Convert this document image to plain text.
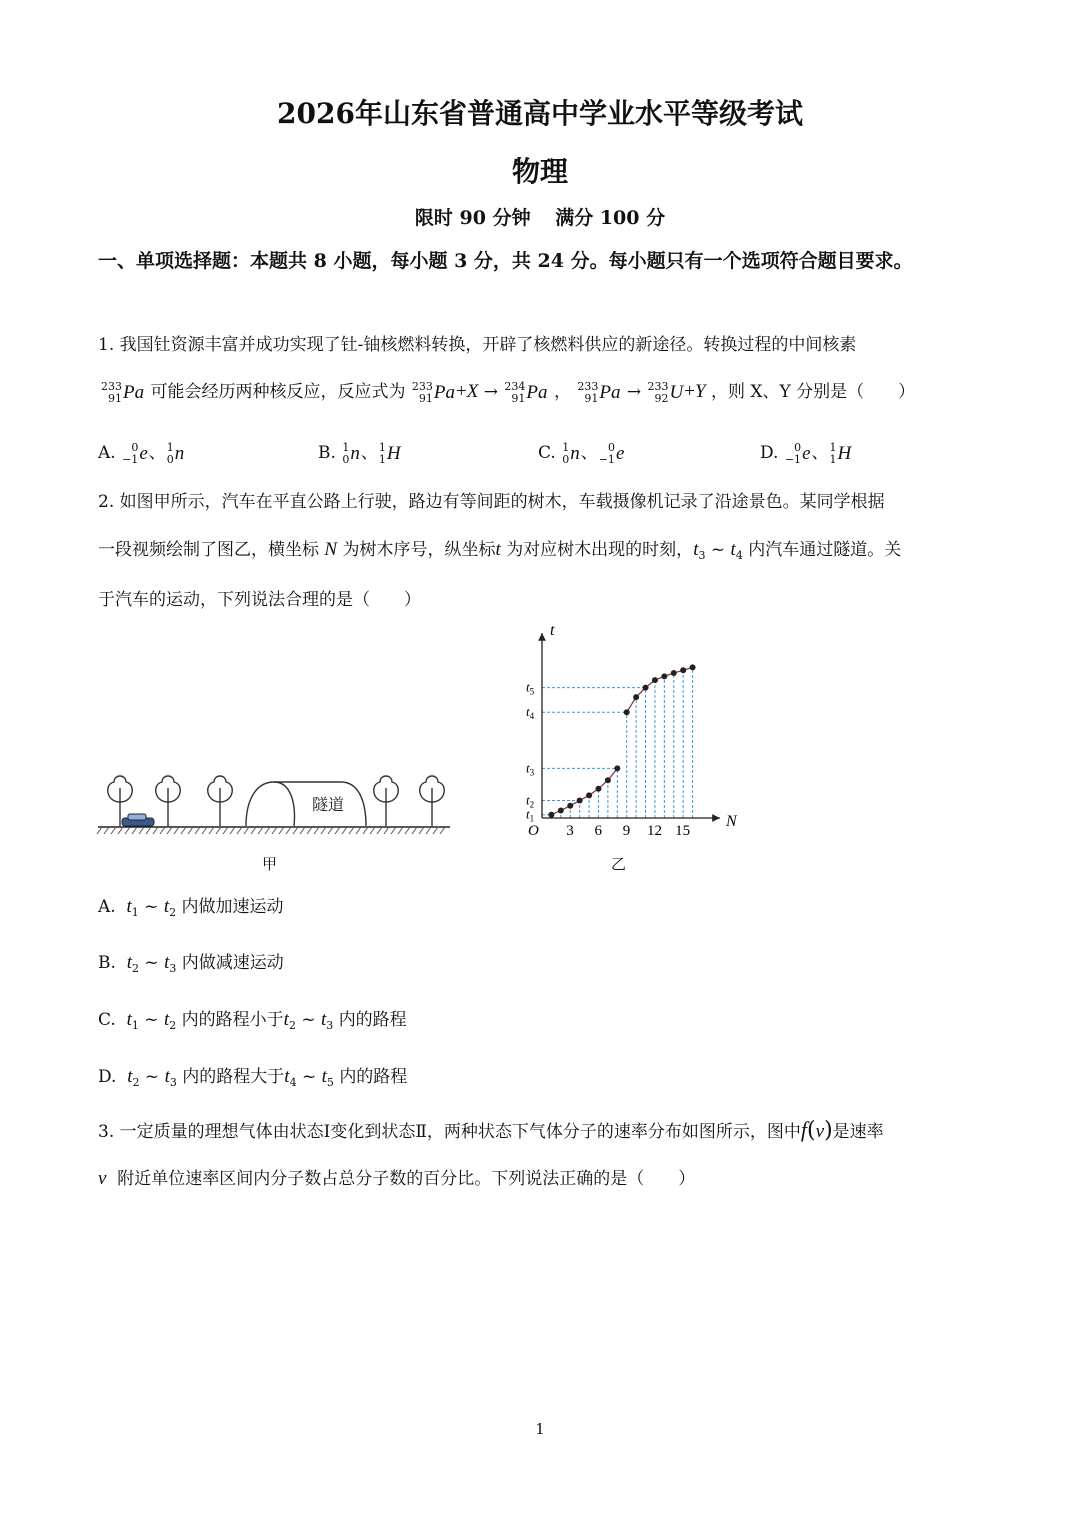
2026年山东省普通高中学业水平等级考试
物理
限时 90 分钟 满分 100 分
一、单项选择题：本题共 8 小题，每小题 3 分，共 24 分。每小题只有一个选项符合题目要求。
1. 我国钍资源丰富并成功实现了钍-铀核燃料转换，开辟了核燃料供应的新途径。转换过程的中间核素
233
91 Pa 可能会经历两种核反应，反应式为 233
91 Pa +X → 234
91 Pa ， 233
91 Pa → 233
92 U +Y ，则 X、Y 分别是（　　）
A. 0
−1 e 、 1
0 n	B. 1
0 n 、 1
1 H	C. 1
0 n 、 0
−1 e	D. 0
−1 e 、 1
1 H
2. 如图甲所示，汽车在平直公路上行驶，路边有等间距的树木，车载摄像机记录了沿途景色。某同学根据
一段视频绘制了图乙，横坐标 N 为树木序号，纵坐标t 为对应树木出现的时刻，$t_3$ ~ $t_4$ 内汽车通过隧道。关
于汽车的运动，下列说法合理的是（　　）
隧道
甲
$t_1$
$t_2$
$t_3$
$t_4$
$t_5$
N
t
O 3 6 9 12 15
乙
A. $t_1$ ~ $t_2$ 内做加速运动
B. $t_2$ ~ $t_3$ 内做减速运动
C. $t_1$ ~ $t_2$ 内的路程小于$t_2$ ~ $t_3$ 内的路程
D. $t_2$ ~ $t_3$ 内的路程大于$t_4$ ~ $t_5$ 内的路程
3. 一定质量的理想气体由状态Ⅰ变化到状态Ⅱ，两种状态下气体分子的速率分布如图所示，图中f(v)是速率
v 附近单位速率区间内分子数占总分子数的百分比。下列说法正确的是（　　）
1
